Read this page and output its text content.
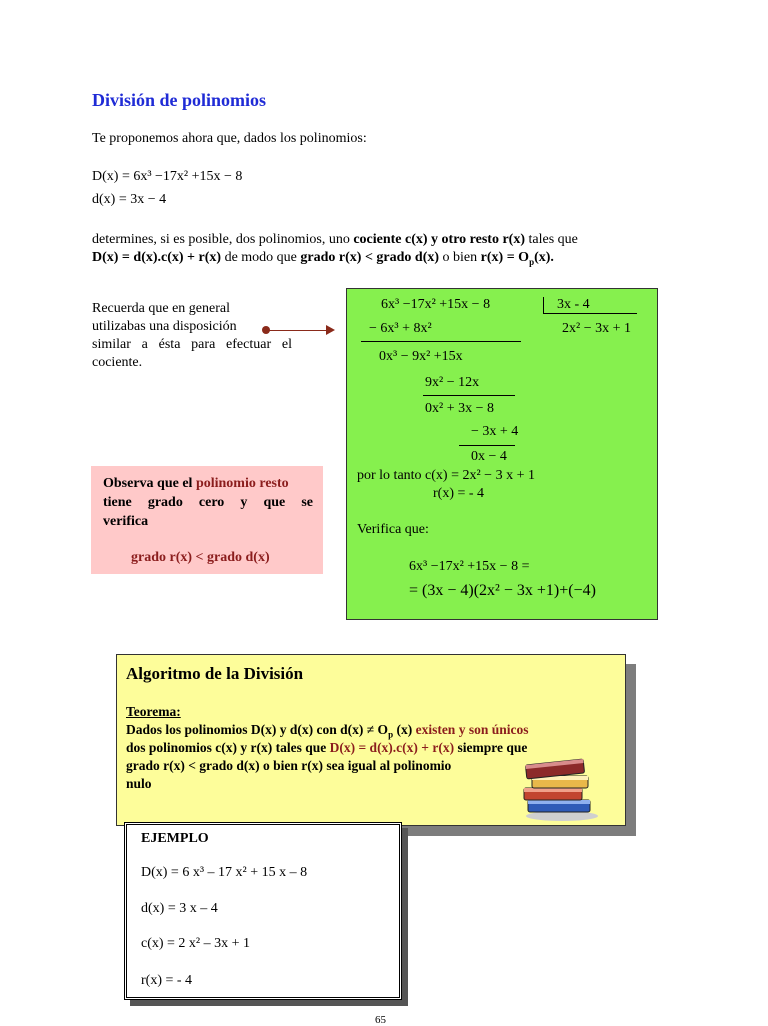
División de polinomios
Te proponemos ahora que, dados los polinomios:
D(x) = 6x³ −17x² +15x − 8
d(x) = 3x − 4
determines, si es posible, dos polinomios, uno cociente c(x) y otro resto r(x) tales que
D(x) = d(x).c(x) + r(x) de modo que grado r(x) < grado d(x) o bien $r(x) = O_p(x)$.
Recuerda que en general
utilizabas una disposición
similar a ésta para efectuar el
cociente.
6x³ −17x² +15x − 8	3x - 4
2x² − 3x + 1
− 6x³ + 8x²
0x³ − 9x² +15x
9x² − 12x
0x² + 3x − 8
− 3x + 4
0x − 4
por lo tanto c(x) = 2x² − 3 x + 1
r(x) = - 4
Verifica que:
6x³ −17x² +15x − 8 =
= (3x − 4)(2x² − 3x +1)+(−4)
Observa que el polinomio resto
tiene grado cero y que se
verifica
grado r(x) < grado d(x)
Algoritmo de la División
Teorema:
Dados los polinomios D(x) y d(x) con $d(x) \ne O_p$ (x) existen y son únicos
dos polinomios c(x) y r(x) tales que D(x) = d(x).c(x) + r(x) siempre que
grado r(x) < grado d(x) o bien r(x) sea igual al polinomio
nulo
EJEMPLO
D(x) = 6 x³ – 17 x² + 15 x – 8
d(x) = 3 x – 4
c(x) = 2 x² – 3x + 1
r(x) = - 4
65
